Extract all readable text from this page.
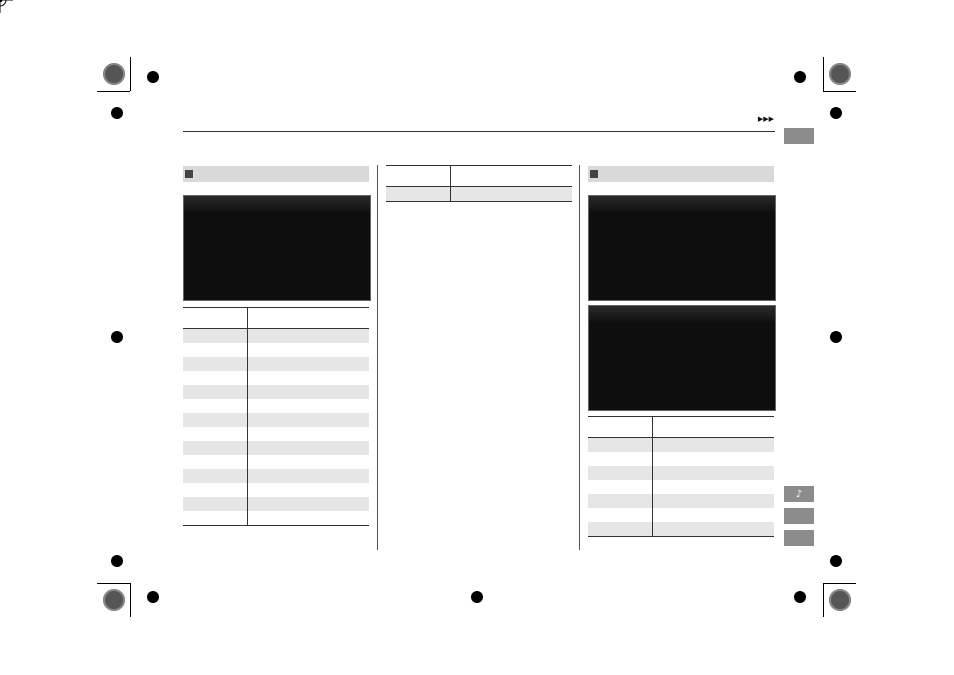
▶▶▶
♪
